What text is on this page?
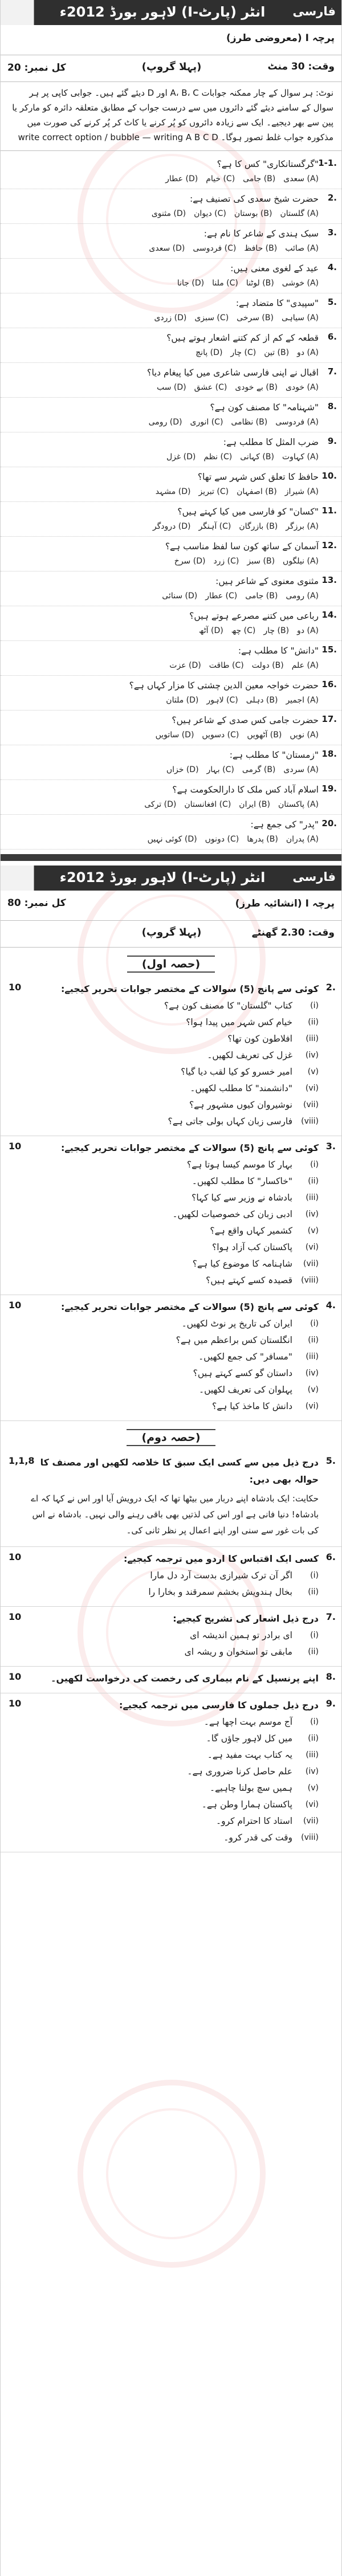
انٹر (پارٹ-I) لاہور بورڈ 2012ء	فارسی
پرچہ I (معروضی طرز)
وقت: 30 منٹ
(پہلا گروپ)
کل نمبر: 20
نوٹ: ہر سوال کے چار ممکنہ جوابات A، B، C اور D دیئے گئے ہیں۔ جوابی کاپی پر ہر سوال کے سامنے دیئے گئے دائروں میں سے درست جواب کے مطابق متعلقہ دائرہ کو مارکر یا پین سے بھر دیجیے۔ ایک سے زیادہ دائروں کو پُر کرنے یا کاٹ کر پُر کرنے کی صورت میں مذکورہ جواب غلط تصور ہوگا۔ write correct option / bubble — writing A B C D
1-1.
"گرگستانکاری" کس کا ہے؟
(A) سعدی(B) جامی(C) خیام(D) عطار
2.
حضرت شیخ سعدی کی تصنیف ہے:
(A) گلستان(B) بوستان(C) دیوان(D) مثنوی
3.
سبک ہندی کے شاعر کا نام ہے:
(A) صائب(B) حافظ(C) فردوسی(D) سعدی
4.
عید کے لغوی معنی ہیں:
(A) خوشی(B) لوٹنا(C) ملنا(D) جانا
5.
"سپیدی" کا متضاد ہے:
(A) سیاہی(B) سرخی(C) سبزی(D) زردی
6.
قطعہ کے کم از کم کتنے اشعار ہوتے ہیں؟
(A) دو(B) تین(C) چار(D) پانچ
7.
اقبال نے اپنی فارسی شاعری میں کیا پیغام دیا؟
(A) خودی(B) بے خودی(C) عشق(D) سب
8.
"شہنامہ" کا مصنف کون ہے؟
(A) فردوسی(B) نظامی(C) انوری(D) رومی
9.
ضرب المثل کا مطلب ہے:
(A) کہاوت(B) کہانی(C) نظم(D) غزل
10.
حافظ کا تعلق کس شہر سے تھا؟
(A) شیراز(B) اصفہان(C) تبریز(D) مشہد
11.
"کسان" کو فارسی میں کیا کہتے ہیں؟
(A) برزگر(B) بازرگان(C) آہنگر(D) درودگر
12.
آسمان کے ساتھ کون سا لفظ مناسب ہے؟
(A) نیلگوں(B) سبز(C) زرد(D) سرخ
13.
مثنوی معنوی کے شاعر ہیں:
(A) رومی(B) جامی(C) عطار(D) سنائی
14.
رباعی میں کتنے مصرعے ہوتے ہیں؟
(A) دو(B) چار(C) چھ(D) آٹھ
15.
"دانش" کا مطلب ہے:
(A) علم(B) دولت(C) طاقت(D) عزت
16.
حضرت خواجہ معین الدین چشتی کا مزار کہاں ہے؟
(A) اجمیر(B) دہلی(C) لاہور(D) ملتان
17.
حضرت جامی کس صدی کے شاعر ہیں؟
(A) نویں(B) آٹھویں(C) دسویں(D) ساتویں
18.
"زمستان" کا مطلب ہے:
(A) سردی(B) گرمی(C) بہار(D) خزاں
19.
اسلام آباد کس ملک کا دارالحکومت ہے؟
(A) پاکستان(B) ایران(C) افغانستان(D) ترکی
20.
"پدر" کی جمع ہے:
(A) پدران(B) پدرها(C) دونوں(D) کوئی نہیں
انٹر (پارٹ-I) لاہور بورڈ 2012ء	فارسی
پرچہ I (انشائیہ طرز)
کل نمبر: 80
وقت: 2.30 گھنٹے
(پہلا گروپ)
(حصہ اول)
2.
10	کوئی سے پانچ (5) سوالات کے مختصر جوابات تحریر کیجیے:
(i)
کتاب "گلستان" کا مصنف کون ہے؟
(ii)
خیام کس شہر میں پیدا ہوا؟
(iii)
افلاطون کون تھا؟
(iv)
غزل کی تعریف لکھیں۔
(v)
امیر خسرو کو کیا لقب دیا گیا؟
(vi)
"دانشمند" کا مطلب لکھیں۔
(vii)
نوشیروان کیوں مشہور ہے؟
(viii)
فارسی زبان کہاں بولی جاتی ہے؟
3.
10	کوئی سے پانچ (5) سوالات کے مختصر جوابات تحریر کیجیے:
(i)
بہار کا موسم کیسا ہوتا ہے؟
(ii)
"خاکسار" کا مطلب لکھیں۔
(iii)
بادشاہ نے وزیر سے کیا کہا؟
(iv)
ادبی زبان کی خصوصیات لکھیں۔
(v)
کشمیر کہاں واقع ہے؟
(vi)
پاکستان کب آزاد ہوا؟
(vii)
شاہنامہ کا موضوع کیا ہے؟
(viii)
قصیدہ کسے کہتے ہیں؟
4.
10	کوئی سے پانچ (5) سوالات کے مختصر جوابات تحریر کیجیے:
(i)
ایران کی تاریخ پر نوٹ لکھیں۔
(ii)
انگلستان کس براعظم میں ہے؟
(iii)
"مسافر" کی جمع لکھیں۔
(iv)
داستان گو کسے کہتے ہیں؟
(v)
پہلوان کی تعریف لکھیں۔
(vi)
دانش کا ماخذ کیا ہے؟
(حصہ دوم)
5.
1,1,8 درج ذیل میں سے کسی ایک سبق کا خلاصہ لکھیں اور مصنف کا حوالہ بھی دیں:
حکایت: ایک بادشاہ اپنے دربار میں بیٹھا تھا کہ ایک درویش آیا اور اس نے کہا کہ اے بادشاہ! دنیا فانی ہے اور اس کی لذتیں بھی باقی رہنے والی نہیں۔ بادشاہ نے اس کی بات غور سے سنی اور اپنے اعمال پر نظر ثانی کی۔
6.
10	کسی ایک اقتباس کا اردو میں ترجمہ کیجیے:
(i)
اگر آن ترک شیرازی بدست آرد دل مارا
(ii)
بخال ہندویش بخشم سمرقند و بخارا را
7.
10	درج ذیل اشعار کی تشریح کیجیے:
(i)
ای برادر تو ہمین اندیشہ ای
(ii)
مابقی تو استخوان و ریشہ ای
8.
10	اپنے پرنسپل کے نام بیماری کی رخصت کی درخواست لکھیں۔
9.
10	درج ذیل جملوں کا فارسی میں ترجمہ کیجیے:
(i)
آج موسم بہت اچھا ہے۔
(ii)
میں کل لاہور جاؤں گا۔
(iii)
یہ کتاب بہت مفید ہے۔
(iv)
علم حاصل کرنا ضروری ہے۔
(v)
ہمیں سچ بولنا چاہیے۔
(vi)
پاکستان ہمارا وطن ہے۔
(vii)
استاد کا احترام کرو۔
(viii)
وقت کی قدر کرو۔
